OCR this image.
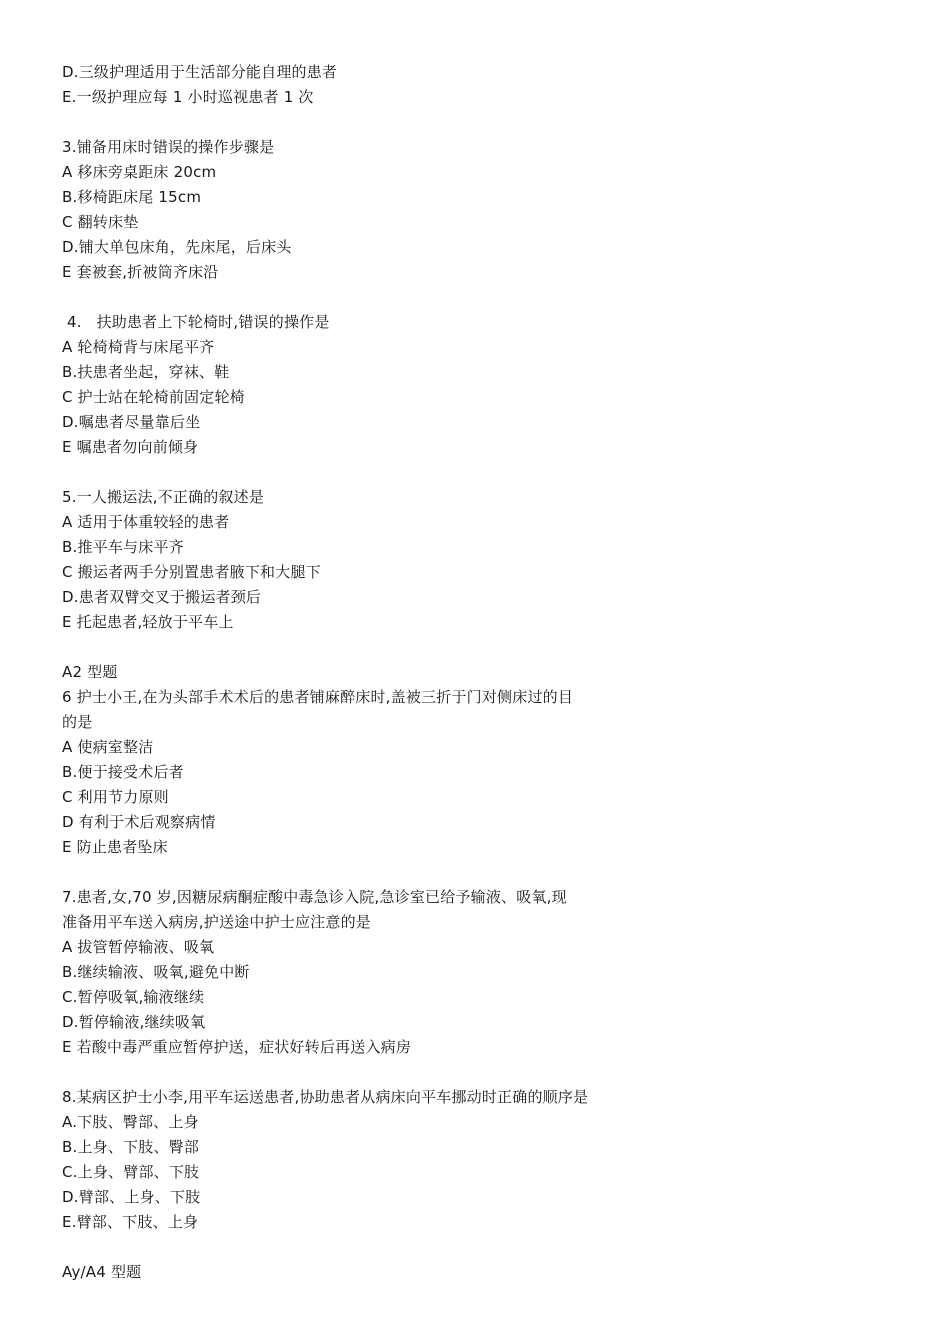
D.三级护理适用于生活部分能自理的患者
E.一级护理应每 1 小时巡视患者 1 次
3.铺备用床时错误的操作步骤是
A 移床旁桌距床 20cm
B.移椅距床尾 15cm
C 翻转床垫
D.铺大单包床角，先床尾，后床头
E 套被套,折被筒齐床沿
4.   扶助患者上下轮椅时,错误的操作是
A 轮椅椅背与床尾平齐
B.扶患者坐起，穿袜、鞋
C 护士站在轮椅前固定轮椅
D.嘱患者尽量靠后坐
E 嘱患者勿向前倾身
5.一人搬运法,不正确的叙述是
A 适用于体重较轻的患者
B.推平车与床平齐
C 搬运者两手分别置患者腋下和大腿下
D.患者双臂交叉于搬运者颈后
E 托起患者,轻放于平车上
A2 型题
6 护士小王,在为头部手术术后的患者铺麻醉床时,盖被三折于门对侧床过的目
的是
A 使病室整洁
B.便于接受术后者
C 利用节力原则
D 有利于术后观察病情
E 防止患者坠床
7.患者,女,70 岁,因糖尿病酮症酸中毒急诊入院,急诊室已给予输液、吸氧,现
准备用平车送入病房,护送途中护士应注意的是
A 拔管暂停输液、吸氧
B.继续输液、吸氧,避免中断
C.暂停吸氧,输液继续
D.暂停输液,继续吸氧
E 若酸中毒严重应暂停护送，症状好转后再送入病房
8.某病区护士小李,用平车运送患者,协助患者从病床向平车挪动时正确的顺序是
A.下肢、臀部、上身
B.上身、下肢、臀部
C.上身、臂部、下肢
D.臂部、上身、下肢
E.臂部、下肢、上身
Ay/A4 型题
